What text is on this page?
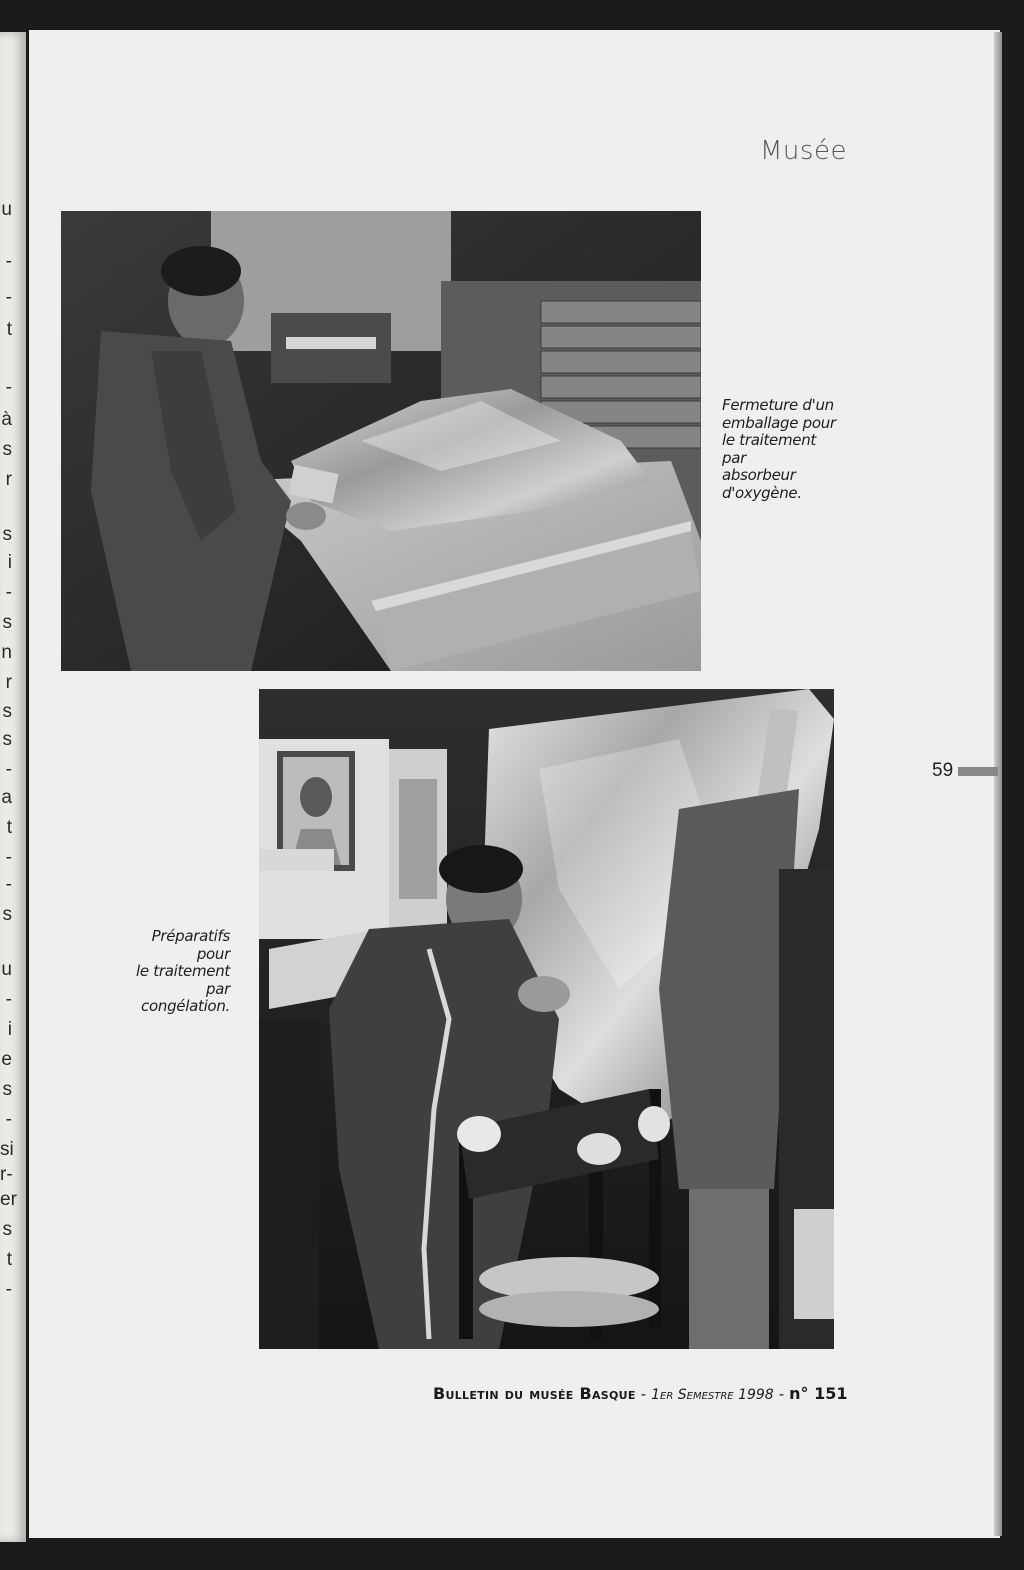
u
-
-
t
-
à
s
r
s
i
-
s
n
r
s
s
-
a
t
-
-
s
u
-
i
e
s
-
si
r-
s
t
-
er
Musée
Fermeture d'un
emballage pour
le traitement par
absorbeur
d'oxygène.
Préparatifs
pour
le traitement
par
congélation.
59
Bulletin du musée Basque - 1er Semestre 1998 - n° 151
